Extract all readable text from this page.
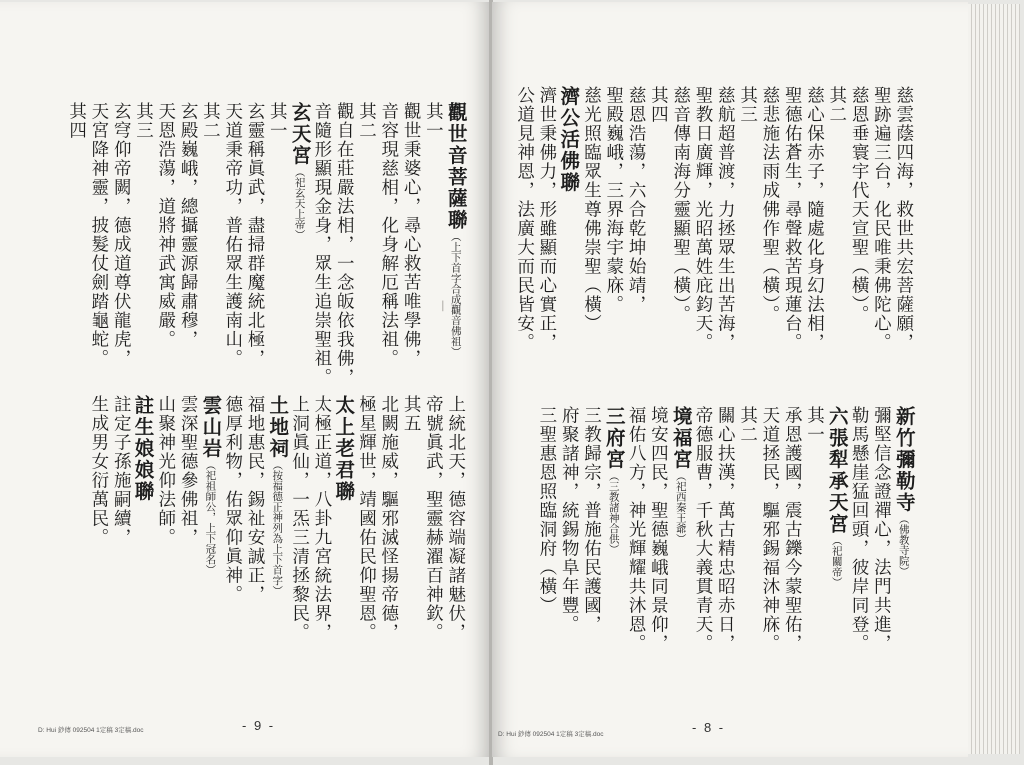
觀世音菩薩聯（上下首字合成觀音佛祖）
其一
觀世秉婆心，尋心救苦唯學佛，
音容現慈相，化身解厄稱法祖。
其二
觀自在莊嚴法相，一念皈依我佛，
音隨形顯現金身，眾生追崇聖祖。
玄天宮（祀玄天上帝）
其一
玄靈稱眞武，盡掃群魔統北極，
天道秉帝功，普佑眾生護南山。
其二
玄殿巍峨，總攝靈源歸肅穆，
天恩浩蕩，道將神武寓威嚴。
其三
玄穹仰帝闕，德成道尊伏龍虎，
天宮降神靈，披髮仗劍踏龜蛇。
其四
上統北天，德容端凝諸魅伏，
帝號眞武，聖靈赫濯百神欽。
其五
北闕施威，驅邪滅怪揚帝德，
極星輝世，靖國佑民仰聖恩。
太上老君聯
太極正道，八卦九宮統法界，
上洞眞仙，一炁三清拯黎民。
土地祠（按福德正神列為上下首字）
福地惠民，錫祉安誠正，
德厚利物，佑眾仰眞神。
雲山岩（祀祖師公，上下冠名）
雲深聖德參佛祖，
山聚神光仰法師。
註生娘娘聯
註定子孫施嗣續，
生成男女衍萬民。
D: Hui 鈔傳 092504 1定稿 3定稿.doc	- 9 -
┃	慈雲蔭四海，救世共宏菩薩願，
聖跡遍三台，化民唯秉佛陀心。
慈恩垂寰宇代天宣聖（橫）。
其二
慈心保赤子，隨處化身幻法相，
聖德佑蒼生，尋聲救苦現蓮台。
慈悲施法雨成佛作聖（橫）。
其三
慈航超普渡，力拯眾生出苦海，
聖教日廣輝，光昭萬姓庇鈞天。
慈音傳南海分靈顯聖（橫）。
其四
慈恩浩蕩，六合乾坤始靖，
聖殿巍峨，三界海宇蒙庥。
慈光照臨眾生尊佛崇聖（橫）
濟公活佛聯
濟世秉佛力，形雖顯而心實正，
公道見神恩，法廣大而民皆安。
新竹彌勒寺（佛教寺院）
彌堅信念證禪心，法門共進，
勒馬懸崖猛回頭，彼岸同登。
六張犁承天宮（祀關帝）
其一
承恩護國，震古鑠今蒙聖佑，
天道拯民，驅邪錫福沐神庥。
其二
關心扶漢，萬古精忠昭赤日，
帝德服曹，千秋大義貫青天。
境福宮（祀西秦王爺）
境安四民，聖德巍峨同景仰，
福佑八方，神光輝耀共沐恩。
三府宮（三教諸神合供）
三教歸宗，普施佑民護國，
府聚諸神，統錫物阜年豐。
三聖惠恩照臨洞府（橫）
D: Hui 鈔傳 092504 1定稿 3定稿.doc	- 8 -
